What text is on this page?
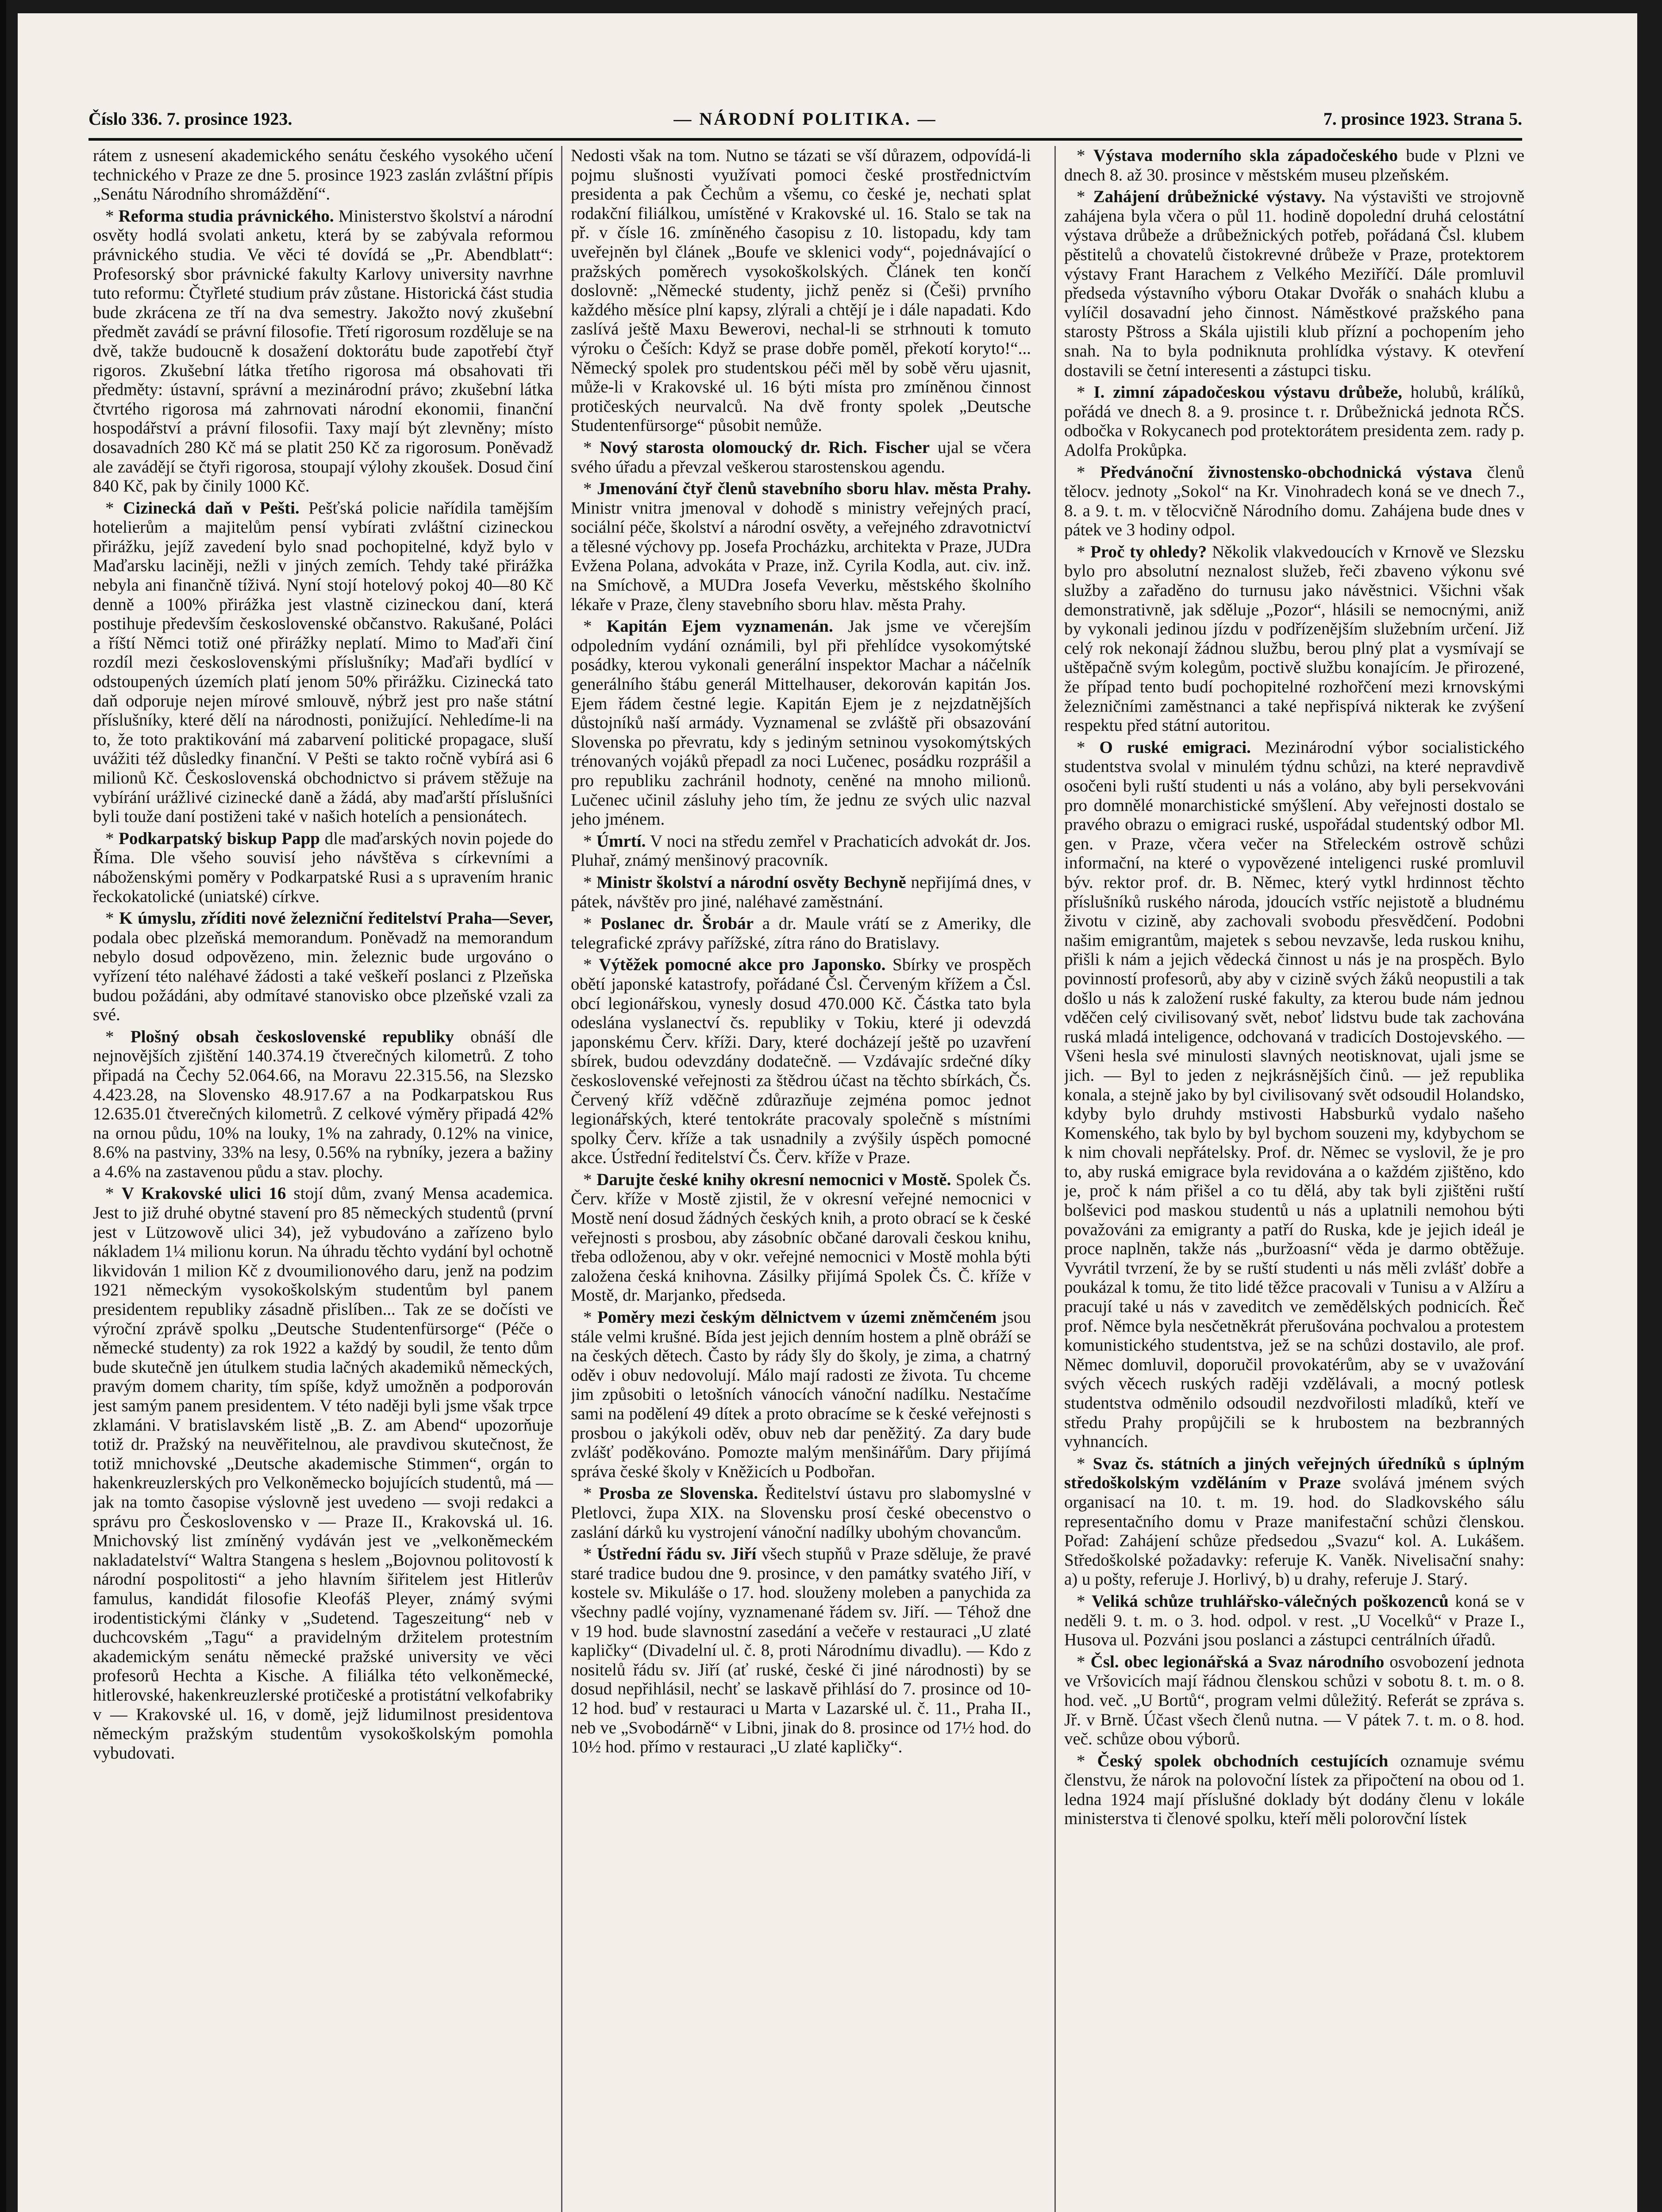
Číslo 336. 7. prosince 1923.	— NÁRODNÍ POLITIKA. —	7. prosince 1923. Strana 5.

rátem z usnesení akademického senátu českého vysokého učení technického v Praze ze dne 5. prosince 1923 zaslán zvláštní přípis „Senátu Národního shromáždění“.

* Reforma studia právnického. Ministerstvo školství a národní osvěty hodlá svolati anketu, která by se zabývala reformou právnického studia. Ve věci té dovídá se „Pr. Abendblatt“: Profesorský sbor právnické fakulty Karlovy university navrhne tuto reformu: Čtyřleté studium práv zůstane. Historická část studia bude zkrácena ze tří na dva semestry. Jakožto nový zkušební předmět zavádí se právní filosofie. Třetí rigorosum rozděluje se na dvě, takže budoucně k dosažení doktorátu bude zapotřebí čtyř rigoros. Zkušební látka třetího rigorosa má obsahovati tři předměty: ústavní, správní a mezinárodní právo; zkušební látka čtvrtého rigorosa má zahrnovati národní ekonomii, finanční hospodářství a právní filosofii. Taxy mají být zlevněny; místo dosavadních 280 Kč má se platit 250 Kč za rigorosum. Poněvadž ale zavádějí se čtyři rigorosa, stoupají výlohy zkoušek. Dosud činí 840 Kč, pak by činily 1000 Kč.

* Cizinecká daň v Pešti. Pešťská policie nařídila tamějším hotelierům a majitelům pensí vybírati zvláštní cizineckou přirážku, jejíž zavedení bylo snad pochopitelné, když bylo v Maďarsku laciněji, nežli v jiných zemích. Tehdy také přirážka nebyla ani finančně tíživá. Nyní stojí hotelový pokoj 40—80 Kč denně a 100% přirážka jest vlastně cizineckou daní, která postihuje především československé občanstvo. Rakušané, Poláci a říští Němci totiž oné přirážky neplatí. Mimo to Maďaři činí rozdíl mezi československými příslušníky; Maďaři bydlící v odstoupených územích platí jenom 50% přirážku. Cizinecká tato daň odporuje nejen mírové smlouvě, nýbrž jest pro naše státní příslušníky, které dělí na národnosti, ponižující. Nehledíme-li na to, že toto praktikování má zabarvení politické propagace, sluší uvážiti též důsledky finanční. V Pešti se takto ročně vybírá asi 6 milionů Kč. Československá obchodnictvo si právem stěžuje na vybírání urážlivé cizinecké daně a žádá, aby maďarští příslušníci byli touže daní postiženi také v našich hotelích a pensionátech.

* Podkarpatský biskup Papp dle maďarských novin pojede do Říma. Dle všeho souvisí jeho návštěva s církevními a náboženskými poměry v Podkarpatské Rusi a s upravením hranic řeckokatolické (uniatské) církve.

* K úmyslu, zříditi nové železniční ředitelství Praha—Sever, podala obec plzeňská memorandum. Poněvadž na memorandum nebylo dosud odpovězeno, min. železnic bude urgováno o vyřízení této naléhavé žádosti a také veškeří poslanci z Plzeňska budou požádáni, aby odmítavé stanovisko obce plzeňské vzali za své.

* Plošný obsah československé republiky obnáší dle nejnovějších zjištění 140.374.19 čtverečných kilometrů. Z toho připadá na Čechy 52.064.66, na Moravu 22.315.56, na Slezsko 4.423.28, na Slovensko 48.917.67 a na Podkarpatskou Rus 12.635.01 čtverečných kilometrů. Z celkové výměry připadá 42% na ornou půdu, 10% na louky, 1% na zahrady, 0.12% na vinice, 8.6% na pastviny, 33% na lesy, 0.56% na rybníky, jezera a bažiny a 4.6% na zastavenou půdu a stav. plochy.

* V Krakovské ulici 16 stojí dům, zvaný Mensa academica. Jest to již druhé obytné stavení pro 85 německých studentů (první jest v Lützowově ulici 34), jež vybudováno a zařízeno bylo nákladem 1¼ milionu korun. Na úhradu těchto vydání byl ochotně likvidován 1 milion Kč z dvoumilionového daru, jenž na podzim 1921 německým vysokoškolským studentům byl panem presidentem republiky zásadně přislíben... Tak ze se dočísti ve výroční zprávě spolku „Deutsche Studentenfürsorge“ (Péče o německé studenty) za rok 1922 a každý by soudil, že tento dům bude skutečně jen útulkem studia lačných akademiků německých, pravým domem charity, tím spíše, když umožněn a podporován jest samým panem presidentem. V této naději byli jsme však trpce zklamáni. V bratislavském listě „B. Z. am Abend“ upozorňuje totiž dr. Pražský na neuvěřitelnou, ale pravdivou skutečnost, že totiž mnichovské „Deutsche akademische Stimmen“, orgán to hakenkreuzlerských pro Velkoněmecko bojujících studentů, má — jak na tomto časopise výslovně jest uvedeno — svoji redakci a správu pro Československo v — Praze II., Krakovská ul. 16. Mnichovský list zmíněný vydáván jest ve „velkoněmeckém nakladatelství“ Waltra Stangena s heslem „Bojovnou politovostí k národní pospolitosti“ a jeho hlavním šiřitelem jest Hitlerův famulus, kandidát filosofie Kleofáš Pleyer, známý svými irodentistickými články v „Sudetend. Tageszeitung“ neb v duchcovském „Tagu“ a pravidelným držitelem protestním akademickým senátu německé pražské university ve věci profesorů Hechta a Kische. A filiálka této velkoněmecké, hitlerovské, hakenkreuzlerské protičeské a protistátní velkofabriky v — Krakovské ul. 16, v domě, jejž lidumilnost presidentova německým pražským studentům vysokoškolským pomohla vybudovati.

Nedosti však na tom. Nutno se tázati se vší důrazem, odpovídá-li pojmu slušnosti využívati pomoci české prostřednictvím presidenta a pak Čechům a všemu, co české je, nechati splat rodakční filiálkou, umístěné v Krakovské ul. 16. Stalo se tak na př. v čísle 16. zmíněného časopisu z 10. listopadu, kdy tam uveřejněn byl článek „Boufe ve sklenici vody“, pojednávající o pražských poměrech vysokoškolských. Článek ten končí doslovně: „Německé studenty, jichž peněz si (Češi) prvního každého měsíce plní kapsy, zlýrali a chtějí je i dále napadati. Kdo zaslívá ještě Maxu Bewerovi, nechal-li se strhnouti k tomuto výroku o Češích: Když se prase dobře poměl, překotí koryto!“... Německý spolek pro studentskou péči měl by sobě věru ujasnit, může-li v Krakovské ul. 16 býti místa pro zmíněnou činnost protičeských neurvalců. Na dvě fronty spolek „Deutsche Studentenfürsorge“ působit nemůže.

* Nový starosta olomoucký dr. Rich. Fischer ujal se včera svého úřadu a převzal veškerou starostenskou agendu.

* Jmenování čtyř členů stavebního sboru hlav. města Prahy. Ministr vnitra jmenoval v dohodě s ministry veřejných prací, sociální péče, školství a národní osvěty, a veřejného zdravotnictví a tělesné výchovy pp. Josefa Procházku, architekta v Praze, JUDra Evžena Polana, advokáta v Praze, inž. Cyrila Kodla, aut. civ. inž. na Smíchově, a MUDra Josefa Veverku, městského školního lékaře v Praze, členy stavebního sboru hlav. města Prahy.

* Kapitán Ejem vyznamenán. Jak jsme ve včerejším odpoledním vydání oznámili, byl při přehlídce vysokomýtské posádky, kterou vykonali generální inspektor Machar a náčelník generálního štábu generál Mittelhauser, dekorován kapitán Jos. Ejem řádem čestné legie. Kapitán Ejem je z nejzdatnějších důstojníků naší armády. Vyznamenal se zvláště při obsazování Slovenska po převratu, kdy s jediným setninou vysokomýtských trénovaných vojáků přepadl za noci Lučenec, posádku rozprášil a pro republiku zachránil hodnoty, ceněné na mnoho milionů. Lučenec učinil zásluhy jeho tím, že jednu ze svých ulic nazval jeho jménem.

* Úmrtí. V noci na středu zemřel v Prachaticích advokát dr. Jos. Pluhař, známý menšinový pracovník.

* Ministr školství a národní osvěty Bechyně nepřijímá dnes, v pátek, návštěv pro jiné, naléhavé zaměstnání.

* Poslanec dr. Šrobár a dr. Maule vrátí se z Ameriky, dle telegrafické zprávy pařížské, zítra ráno do Bratislavy.

* Výtěžek pomocné akce pro Japonsko. Sbírky ve prospěch obětí japonské katastrofy, pořádané Čsl. Červeným křížem a Čsl. obcí legionářskou, vynesly dosud 470.000 Kč. Částka tato byla odeslána vyslanectví čs. republiky v Tokiu, které ji odevzdá japonskému Červ. kříži. Dary, které docházejí ještě po uzavření sbírek, budou odevzdány dodatečně. — Vzdávajíc srdečné díky československé veřejnosti za štědrou účast na těchto sbírkách, Čs. Červený kříž vděčně zdůrazňuje zejména pomoc jednot legionářských, které tentokráte pracovaly společně s místními spolky Červ. kříže a tak usnadnily a zvýšily úspěch pomocné akce. Ústřední ředitelství Čs. Červ. kříže v Praze.

* Darujte české knihy okresní nemocnici v Mostě. Spolek Čs. Červ. kříže v Mostě zjistil, že v okresní veřejné nemocnici v Mostě není dosud žádných českých knih, a proto obrací se k české veřejnosti s prosbou, aby zásobníc občané darovali českou knihu, třeba odloženou, aby v okr. veřejné nemocnici v Mostě mohla býti založena česká knihovna. Zásilky přijímá Spolek Čs. Č. kříže v Mostě, dr. Marjanko, předseda.

* Poměry mezi českým dělnictvem v územi zněmčeném jsou stále velmi krušné. Bída jest jejich denním hostem a plně obráží se na českých dětech. Často by rády šly do školy, je zima, a chatrný oděv i obuv nedovolují. Málo mají radosti ze života. Tu chceme jim způsobiti o letošních vánocích vánoční nadílku. Nestačíme sami na podělení 49 dítek a proto obracíme se k české veřejnosti s prosbou o jakýkoli oděv, obuv neb dar peněžitý. Za dary bude zvlášť poděkováno. Pomozte malým menšinářům. Dary přijímá správa české školy v Kněžicích u Podbořan.

* Prosba ze Slovenska. Ředitelství ústavu pro slabomyslné v Pletlovci, župa XIX. na Slovensku prosí české obecenstvo o zaslání dárků ku vystrojení vánoční nadílky ubohým chovancům.

* Ústřední řádu sv. Jiří všech stupňů v Praze sděluje, že pravé staré tradice budou dne 9. prosince, v den památky svatého Jiří, v kostele sv. Mikuláše o 17. hod. slouženy moleben a panychida za všechny padlé vojíny, vyznamenané řádem sv. Jiří. — Téhož dne v 19 hod. bude slavnostní zasedání a večeře v restauraci „U zlaté kapličky“ (Divadelní ul. č. 8, proti Národnímu divadlu). — Kdo z nositelů řádu sv. Jiří (ať ruské, české či jiné národnosti) by se dosud nepřihlásil, nechť se laskavě přihlásí do 7. prosince od 10-12 hod. buď v restauraci u Marta v Lazarské ul. č. 11., Praha II., neb ve „Svobodárně“ v Libni, jinak do 8. prosince od 17½ hod. do 10½ hod. přímo v restauraci „U zlaté kapličky“.

* Výstava moderního skla západočeského bude v Plzni ve dnech 8. až 30. prosince v městském museu plzeňském.

* Zahájení drůbežnické výstavy. Na výstavišti ve strojovně zahájena byla včera o půl 11. hodině dopolední druhá celostátní výstava drůbeže a drůbežnických potřeb, pořádaná Čsl. klubem pěstitelů a chovatelů čistokrevné drůbeže v Praze, protektorem výstavy Frant Harachem z Velkého Meziříčí. Dále promluvil předseda výstavního výboru Otakar Dvořák o snahách klubu a vylíčil dosavadní jeho činnost. Náměstkové pražského pana starosty Pštross a Skála ujistili klub přízní a pochopením jeho snah. Na to byla podniknuta prohlídka výstavy. K otevření dostavili se četní interesenti a zástupci tisku.

* I. zimní západočeskou výstavu drůbeže, holubů, králíků, pořádá ve dnech 8. a 9. prosince t. r. Drůbežnická jednota RČS. odbočka v Rokycanech pod protektorátem presidenta zem. rady p. Adolfa Prokůpka.

* Předvánoční živnostensko-obchodnická výstava členů tělocv. jednoty „Sokol“ na Kr. Vinohradech koná se ve dnech 7., 8. a 9. t. m. v tělocvičně Národního domu. Zahájena bude dnes v pátek ve 3 hodiny odpol.

* Proč ty ohledy? Několik vlakvedoucích v Krnově ve Slezsku bylo pro absolutní neznalost služeb, řeči zbaveno výkonu své služby a zařaděno do turnusu jako návěstnici. Všichni však demonstrativně, jak sděluje „Pozor“, hlásili se nemocnými, aniž by vykonali jedinou jízdu v podřízenějším služebním určení. Již celý rok nekonají žádnou službu, berou plný plat a vysmívají se uštěpačně svým kolegům, poctivě službu konajícím. Je přirozené, že případ tento budí pochopitelné rozhořčení mezi krnovskými železničními zaměstnanci a také nepřispívá nikterak ke zvýšení respektu před státní autoritou.

* O ruské emigraci. Mezinárodní výbor socialistického studentstva svolal v minulém týdnu schůzi, na které nepravdivě osočeni byli ruští studenti u nás a voláno, aby byli persekvováni pro domnělé monarchistické smýšlení. Aby veřejnosti dostalo se pravého obrazu o emigraci ruské, uspořádal studentský odbor Ml. gen. v Praze, včera večer na Střeleckém ostrově schůzi informační, na které o vypovězené inteligenci ruské promluvil býv. rektor prof. dr. B. Němec, který vytkl hrdinnost těchto příslušníků ruského národa, jdoucích vstříc nejistotě a bludnému životu v cizině, aby zachovali svobodu přesvědčení. Podobni našim emigrantům, majetek s sebou nevzavše, leda ruskou knihu, přišli k nám a jejich vědecká činnost u nás je na prospěch. Bylo povinností profesorů, aby aby v cizině svých žáků neopustili a tak došlo u nás k založení ruské fakulty, za kterou bude nám jednou vděčen celý civilisovaný svět, neboť lidstvu bude tak zachována ruská mladá inteligence, odchovaná v tradicích Dostojevského. — Všeni hesla své minulosti slavných neotisknovat, ujali jsme se jich. — Byl to jeden z nejkrásnějších činů. — jež republika konala, a stejně jako by byl civilisovaný svět odsoudil Holandsko, kdyby bylo druhdy mstivosti Habsburků vydalo našeho Komenského, tak bylo by byl bychom souzeni my, kdybychom se k nim chovali nepřátelsky. Prof. dr. Němec se vyslovil, že je pro to, aby ruská emigrace byla revidována a o každém zjištěno, kdo je, proč k nám přišel a co tu dělá, aby tak byli zjištěni ruští bolševici pod maskou studentů u nás a uplatnili nemohou býti považováni za emigranty a patří do Ruska, kde je jejich ideál je proce naplněn, takže nás „buržoasní“ věda je darmo obtěžuje. Vyvrátil tvrzení, že by se ruští studenti u nás měli zvlášť dobře a poukázal k tomu, že tito lidé těžce pracovali v Tunisu a v Alžíru a pracují také u nás v zaveditch ve zemědělských podnicích. Řeč prof. Němce byla nesčetněkrát přerušována pochvalou a protestem komunistického studentstva, jež se na schůzi dostavilo, ale prof. Němec domluvil, doporučil provokatérům, aby se v uvažování svých věcech ruských raději vzdělávali, a mocný potlesk studentstva odměnilo odsoudil nezdvořilosti mladíků, kteří ve středu Prahy propůjčili se k hrubostem na bezbranných vyhnancích.

* Svaz čs. státních a jiných veřejných úředníků s úplným středoškolským vzděláním v Praze svolává jménem svých organisací na 10. t. m. 19. hod. do Sladkovského sálu representačního domu v Praze manifestační schůzi členskou. Pořad: Zahájení schůze předsedou „Svazu“ kol. A. Lukášem. Středoškolské požadavky: referuje K. Vaněk. Nivelisační snahy: a) u pošty, referuje J. Horlivý, b) u drahy, referuje J. Starý.

* Veliká schůze truhlářsko-válečných poškozenců koná se v neděli 9. t. m. o 3. hod. odpol. v rest. „U Vocelků“ v Praze I., Husova ul. Pozváni jsou poslanci a zástupci centrálních úřadů.

* Čsl. obec legionářská a Svaz národního osvobození jednota ve Vršovicích mají řádnou členskou schůzi v sobotu 8. t. m. o 8. hod. več. „U Bortů“, program velmi důležitý. Referát se zpráva s. Jř. v Brně. Účast všech členů nutna. — V pátek 7. t. m. o 8. hod. več. schůze obou výborů.

* Český spolek obchodních cestujících oznamuje svému členstvu, že nárok na polovoční lístek za připočtení na obou od 1. ledna 1924 mají příslušné doklady být dodány členu v lokále ministerstva ti členové spolku, kteří měli polorovční lístek
